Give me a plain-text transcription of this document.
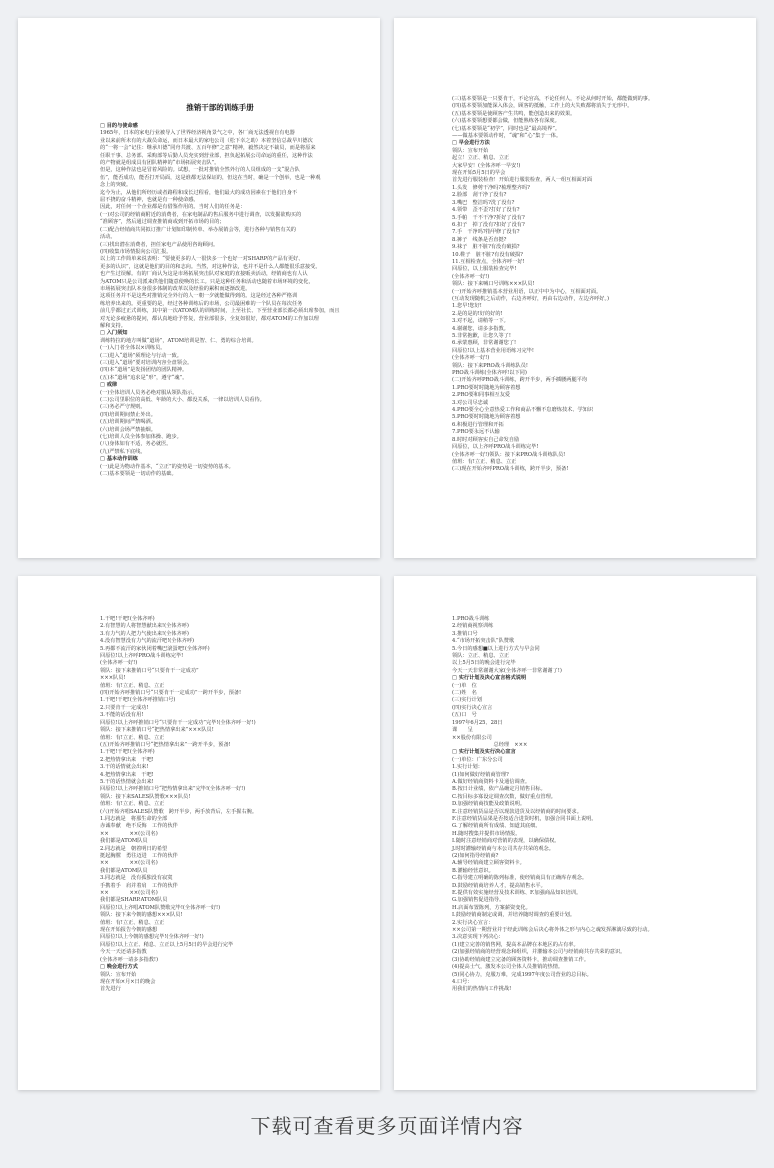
推销干部的训练手册
□ 目的与使命感
1965年，日本的家电行业被导入了世界经济视角景气之中，各厂商无法透视自有电器
业以来前所未有的大裁员命运，而日本最大的家电公司（松下幸之助）本着坚信总裁早川德次
的“一将一会”记住：继承川德“同舟共渡、五百年修”之意”精神，毅然决定不裁员，而是将原来
任职干事、总务部、采购部等后勤人员充实到营业部，担负起拓展公司命运的重任，这种作法
的产物就是组成具有团队精神的“市场拓展突击队”。
但是，这种作法也是冒着风险的。试想，一批对推销全然外行的人员组成的一支“混合队
伍”，能否成功，能否打开局面，这是谁都无法保证的，但这在当时，确是一个创举，也是一种观
念上的突破。
迄今为止，从他们所经历或者路程和成长过程看，他们最大的成功因素在于他们自身不
屈不挠的奋斗精神，也就是有一种使命感。
因此，对任何一个企业都是有借鉴作用的。当时人们的任务是：
(一)对公司的经销商附近的消费者，在家电制品的售后服务中进行调查，以发掘欲购买的
“准顾客”，然后通过调查推销商或到开拓市场的目的；
(二)配合经销商共同拟订推广计划如印制传单、举办展销会等，进行各种与销售有关的
活动。
(三)找出潜在消费者，担任家电产品使用咨询顾问。
(四)收集市场情报向公司汇报。
以上的工作简单来说表明：“要使更多的人一很快多一个也好一对SHARP的产品有更好、
更多的认识”，这就是他们的目的和志向。当然，对这种作法，也并不是什么人都能很乐意接受。
也产生过误解。有的厂商认为这是市场拓展突击队对家庭的直接贩卖活动，经销商也有人认
为ATOM只是公司派来供他们随意使唤的长工。只是这种任务和活动也随着市场环境的变化，
市场拓展突击队本身很多体制的改革以及经验的累积而逐渐改进。
这项任务并不是这些对推销完全外行的人一朝一夕就能做得到的。这是经过各种严格训
练培养出来的。更重要的是，经过各种训练后的市场，公司最困难的一个队员在每次任务
前几乎都过正式训练，其中第一次ATOM队的训练时间，上至社长、下至营业部长都必须出席参加，而且
对无论多疲惫的提问，都认真地给予答复，营业部很多，全复如很好，都对ATOM的工作加以理
解和支持。
□ 入门须知
训练特拉的地方叫做“道场”，ATOM培训是智、仁、勇的综合培训。
(一)入门者全体以×训练员。
(二)进入“道场”须理论与行动一致。
(三)进入“道场”要对培训内容全盘领会。
(四)本“道场”是发扬团结的团队精神。
(五)本“道场”追求是“形”，遵守“魂”。
□ 戒律
(一)全体培训人员务必绝对服从领队指示。
(二)公司里职位的高低、年龄的大小、都没关系，一律以培训人员看待。
(三)务必严守规则。
(四)培训期间禁止外出。
(五)培训期间严禁喝酒。
(六)培训会场严禁抽烟。
(七)培训人员全体参加体操、跑步。
(八)身体如有不适，务必就医。
(九)严禁私下底线。
□ 基本动作训练
(一)此是为物动作基本，“立正”的姿势是一切姿势的基本。
(二)基本要领是一切动作的基础。
(三)基本要领是一只要肯干，不论官高，不论任何人，不论从何时开始，都能做到的事。
(四)基本要领加能深入体会，顾客的抵触，工作上的大失败都将消失于无形中。
(五)基本要领是使顾客产生共鸣，能创造出来的效果。
(六)基本要领想要都会做，但能熟练各有深度。
(七)基本要领是“初学”，同时也是“最高境界”。
——做基本要领动作时，“魂”和“心”集于一体。
□ 早会进行方法
领队：宣布开始
起立！立正、稍息、立正
大家早安！(全体齐呼一早安!)
现在开始5月5日的早会
首先进行服装检查！开始进行服装检查，两人一组互相面对面
1.头发　修剪干净吗?梳理整齐吗?
2.脸部　刮干净了没有?
3.嘴巴　整洁吗?洗了没有?
4.领带　歪不歪?打好了没有?
5.手帕　干不干净?折好了没有?
6.扣子　掉了没有?扣好了没有?
7.手　干净吗?指甲修了没有?
8.裤子　线条是否直挺?
9.袜子　脏不脏?有没有破损?
10.鞋子　脏不脏?有没有破损?
11.互相检查点，全体齐呼一好!
回原位，以上服装检查完毕!
(全体齐呼一好!)
领队：接下来喊口号训练×××队员!
(一)开始齐呼推销基本营业用语，以正中中为中心，互相面对面。
(互动发现随机之后动作，右边齐呼好，再由右边动作，左边齐呼好。)
1.您早!您好!
2.是的是的!好的好的!
3.对不起，请稍等一下。
4.谢谢您，请多多指教。
5.非常抱歉，让您久等了!
6.承蒙惠顾，非常谢谢您了!
回原位!以上基本营业用语练习完毕!
(全体齐呼一好!)
领队：接下来PRO战斗训练队员!
PRO战斗训练(全体齐呼!以下同)
(二)开始齐呼PRO战斗训练，跨开半步，两手插腰两腿平均
1.PRO要时时随地为顾客着想
2.PRO要和同事相互友爱
3.对公司尽忠诚
4.PRO要全心全意热爱工作和商品不懈不怠磨炼技术、学知识
5.PRO要时时随地为顾客着想
6.积极进行管理和开拓
7.PRO要永远不认输
8.时时对顾客实自己命发自励
回原位，以上齐呼PRO战斗训练完毕!
(全体齐呼一好!)领队：接下来PRO战斗训练队员!
值班：有!立正、稍息、立正
(三)现在开始齐呼PRO战斗训练，跨开半步，预备!
1.干吧!干吧!(全体齐呼)
2.有智慧的人将智慧献出来!(全体齐呼)
3.有力气的人把力气使出来!(全体齐呼)
4.没有智慧没有力气的流汗吧!(全体齐呼)
5.再都不流汗的家伙闭着嘴巴滚蛋吧!(全体齐呼)
回原位!以上齐呼PRO战斗训练完毕!
(全体齐呼一好!)
领队：接下来推销口号“只要肯干一定成功”
×××队员!
值班：有!立正、稍息、立正
(四)开始齐呼推销口号“只要肯干一定成功”一跨开半步，预备!
1.干吧!干吧!(全体齐呼推销口号)
2.只要肯干一定成功!
3.不能的话没有用!
回原位!以上齐呼推销口号“只要肯干一定成功”完毕!(全体齐呼一好!)
领队：接下来推销口号“把热情拿出来”×××队员!
值班：有!立正、稍息、立正
(五)开始齐呼推销口号“把热情拿出来”一跨开半步，预备!
1.干吧!干吧!(全体齐呼)
2.把热情拿出来　干吧!
3.干的话情就会出来!
4.把热情拿出来　干吧!
5.干的话热情就会出来!
回原位!以上齐呼推销口号“把热情拿出来”完毕!(全体齐呼一好!)
领队：接下来SALES队赞歌×××队员!
值班：有!立正、稍息、立正
(六)开始齐唱SALES队赞歌　跨开半步，两手放背后，左手握右腕。
1.同志就是　将那生命的全部
赤诚奉献　绝不反悔　工作的伙伴
××　　　　××(公司名)
我们都是ATOM队员
2.同志就是　朝着明日的希望
挺起胸膛　勇往迈进　工作的伙伴
××　　　　××(公司名)
我们都是ATOM队员
3.同志就是　没有孤独没有寂寞
手携着手　肩并着肩　工作的伙伴
××　　　　××(公司名)
我们都是SHARP.ATOM队员
回原位!以上齐唱ATOM队赞歌完毕!(全体齐呼一好!)
领队：接下来今朝的感想×××队员!
值班：有!立正、稍息、立正
现在开始报告今朝的感想
回原位!以上今朝的感想完毕!(全体齐呼一好!)
回原位!以上立正、稍息、立正以上5月5日的早会进行完毕
今天一天还请多指教
(全体齐呼一请多多指教!)
□ 晚会进行方式
领队：宣布开始
现在开始×月×日的晚会
首先进行
1.PRO战斗训练
2.经销商视察训练
3.推销口号
4.“市场开拓突击队”队赞歌
5.今日的感想■以上进行方式与早会同
领队：立正、稍息、立正
以上5月5日的晚会进行完毕
今天一天非常谢谢大家(全体齐呼一非常谢谢了!)
□ 实行计划及决心宣言格式说明
(一)单　位
(二)姓　名
(三)实行计划
(四)实行决心宣言
(五)口　号
1997年6月25、28日
课　　呈
××股份有限公司
　　　　　　　　总经理　×××
□ 实行计划及实行决心宣言
(一)单位：广东分公司
1.实行计划：
(1)如何做好经销商管理?
A.做好经销商资料卡及通信调查。
B.按日计业绩，依产品确定月销售目标。
C.按目标多寡设定调查次数，做好重点管理。
D.加强经销商技能及政策说明。
E.注意经销货品是否以现款进货及以经销商的时间要求。
F.注意经销货品果是否按适合进货时机，加强合同书面上说明。
G.了解经销商所有成绩、知道其底细。
H.随时搜集并提供市场情报。
I.随时注意经销商对营销的表现，以确保债权。
J.时时灌输经销商与本公司共存共荣的观念。
(2)如何指导经销商?
A.辅导经销商建立顾客资料卡。
B.灌输经营意识。
C.指导建立明确的陈列标准，使经销商具有正确库存观念。
D.鼓励经销商培养人才，提高销售水平。
E.提供有效实施经营及技术训练、F.加强商品知识培训。
G.加强销售促进指导。
H.店面布置陈列，方案薪资变化。
I.鼓励经销商制定或调，并培养随时调查的重要计划。
2.实行决心宣言：
××公司第一期营业并于经此训练会后决心将外体之形与内心之魂发挥淋漓尽致的行动。
3.决意实现下列决心：
(1)建立完善的销售网，提高本品牌在本地区的占有率。
(2)加强经销商的经营观念和组织，并灌输本公司与经销商共存共荣的意识。
(3)协助经销商建立完备的顾客资料卡，推动调查推销工作。
(4)提高士气，激发本公司全体人员推销的热情。
(5)同心协力，克服万难，完成1997年度公司营业的总目标。
4.口号：
用我们的热情向工作挑战!
下载可查看更多页面详情内容
